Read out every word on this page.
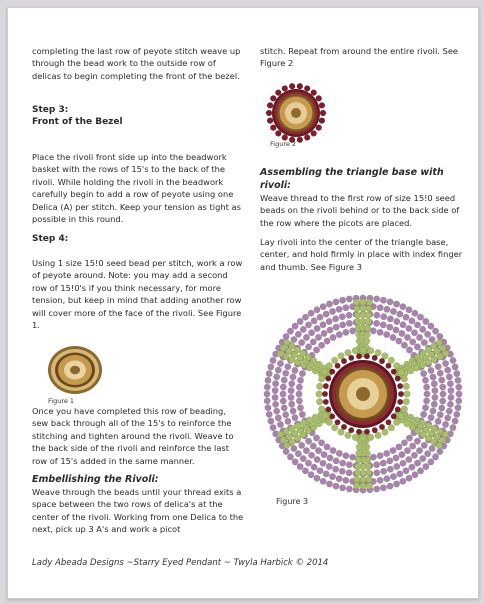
completing the last row of peyote stitch weave up through the bead work to the outside row of delicas to begin completing the front of the bezel.

Step 3:
Front of the Bezel

Place the rivoli front side up into the beadwork basket with the rows of 15's to the back of the rivoli. While holding the rivoli in the beadwork carefully begin to add a row of peyote using one Delica (A) per stitch. Keep your tension as tight as possible in this round.

Step 4:

Using 1 size 15!0 seed bead per stitch, work a row of peyote around. Note: you may add a second row of 15!0's if you think necessary, for more tension, but keep in mind that adding another row will cover more of the face of the rivoli. See Figure 1.

Figure 1

Once you have completed this row of beading, sew back through all of the 15's to reinforce the stitching and tighten around the rivoli. Weave to the back side of the rivoli and reinforce the last row of 15's added in the same manner.

Embellishing the Rivoli:

Weave through the beads until your thread exits a space between the two rows of delica's at the center of the rivoli. Working from one Delica to the next, pick up 3 A's and work a picot

stitch. Repeat from around the entire rivoli. See Figure 2

Figure 2
Assembling the triangle base with rivoli:

Weave thread to the first row of size 15!0 seed beads on the rivoli behind or to the back side of the row where the picots are placed.

Lay rivoli into the center of the triangle base, center, and hold firmly in place with index finger and thumb. See Figure 3

Figure 3
Lady Abeada Designs ~Starry Eyed Pendant ~ Twyla Harbick © 2014
